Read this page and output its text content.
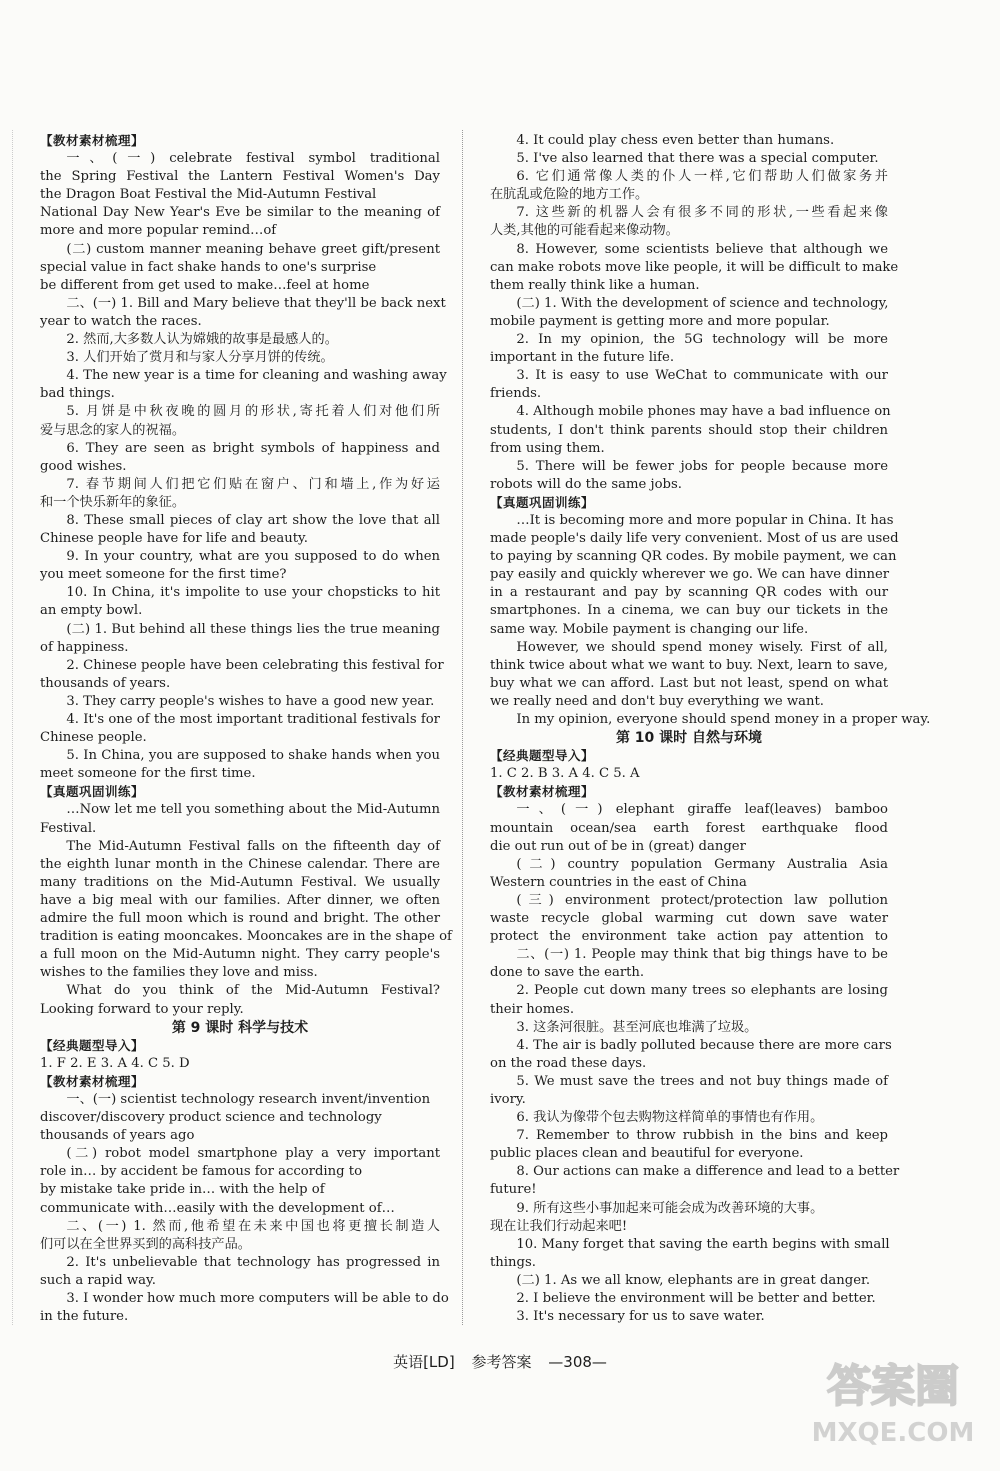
【教材素材梳理】
一、(一) celebrate festival symbol traditional
the Spring Festival the Lantern Festival Women's Day
the Dragon Boat Festival the Mid-Autumn Festival
National Day New Year's Eve be similar to the meaning of
more and more popular remind…of
(二) custom manner meaning behave greet gift/present
special value in fact shake hands to one's surprise
be different from get used to make…feel at home
二、(一) 1. Bill and Mary believe that they'll be back next
year to watch the races.
2. 然而,大多数人认为嫦娥的故事是最感人的。
3. 人们开始了赏月和与家人分享月饼的传统。
4. The new year is a time for cleaning and washing away
bad things.
5. 月饼是中秋夜晚的圆月的形状,寄托着人们对他们所
爱与思念的家人的祝福。
6. They are seen as bright symbols of happiness and
good wishes.
7. 春节期间人们把它们贴在窗户、门和墙上,作为好运
和一个快乐新年的象征。
8. These small pieces of clay art show the love that all
Chinese people have for life and beauty.
9. In your country, what are you supposed to do when
you meet someone for the first time?
10. In China, it's impolite to use your chopsticks to hit
an empty bowl.
(二) 1. But behind all these things lies the true meaning
of happiness.
2. Chinese people have been celebrating this festival for
thousands of years.
3. They carry people's wishes to have a good new year.
4. It's one of the most important traditional festivals for
Chinese people.
5. In China, you are supposed to shake hands when you
meet someone for the first time.
【真题巩固训练】
…Now let me tell you something about the Mid-Autumn
Festival.
The Mid-Autumn Festival falls on the fifteenth day of
the eighth lunar month in the Chinese calendar. There are
many traditions on the Mid-Autumn Festival. We usually
have a big meal with our families. After dinner, we often
admire the full moon which is round and bright. The other
tradition is eating mooncakes. Mooncakes are in the shape of
a full moon on the Mid-Autumn night. They carry people's
wishes to the families they love and miss.
What do you think of the Mid-Autumn Festival?
Looking forward to your reply.
第 9 课时 科学与技术
【经典题型导入】
1. F 2. E 3. A 4. C 5. D
【教材素材梳理】
一、(一) scientist technology research invent/invention
discover/discovery product science and technology
thousands of years ago
(二) robot model smartphone play a very important
role in… by accident be famous for according to
by mistake take pride in… with the help of
communicate with…easily with the development of…
二、(一) 1. 然而,他希望在未来中国也将更擅长制造人
们可以在全世界买到的高科技产品。
2. It's unbelievable that technology has progressed in
such a rapid way.
3. I wonder how much more computers will be able to do
in the future.
4. It could play chess even better than humans.
5. I've also learned that there was a special computer.
6. 它们通常像人类的仆人一样,它们帮助人们做家务并
在肮乱或危险的地方工作。
7. 这些新的机器人会有很多不同的形状,一些看起来像
人类,其他的可能看起来像动物。
8. However, some scientists believe that although we
can make robots move like people, it will be difficult to make
them really think like a human.
(二) 1. With the development of science and technology,
mobile payment is getting more and more popular.
2. In my opinion, the 5G technology will be more
important in the future life.
3. It is easy to use WeChat to communicate with our
friends.
4. Although mobile phones may have a bad influence on
students, I don't think parents should stop their children
from using them.
5. There will be fewer jobs for people because more
robots will do the same jobs.
【真题巩固训练】
…It is becoming more and more popular in China. It has
made people's daily life very convenient. Most of us are used
to paying by scanning QR codes. By mobile payment, we can
pay easily and quickly wherever we go. We can have dinner
in a restaurant and pay by scanning QR codes with our
smartphones. In a cinema, we can buy our tickets in the
same way. Mobile payment is changing our life.
However, we should spend money wisely. First of all,
think twice about what we want to buy. Next, learn to save,
buy what we can afford. Last but not least, spend on what
we really need and don't buy everything we want.
In my opinion, everyone should spend money in a proper way.
第 10 课时 自然与环境
【经典题型导入】
1. C 2. B 3. A 4. C 5. A
【教材素材梳理】
一、(一) elephant giraffe leaf(leaves) bamboo
mountain ocean/sea earth forest earthquake flood
die out run out of be in (great) danger
(二) country population Germany Australia Asia
Western countries in the east of China
(三) environment protect/protection law pollution
waste recycle global warming cut down save water
protect the environment take action pay attention to
二、(一) 1. People may think that big things have to be
done to save the earth.
2. People cut down many trees so elephants are losing
their homes.
3. 这条河很脏。甚至河底也堆满了垃圾。
4. The air is badly polluted because there are more cars
on the road these days.
5. We must save the trees and not buy things made of
ivory.
6. 我认为像带个包去购物这样简单的事情也有作用。
7. Remember to throw rubbish in the bins and keep
public places clean and beautiful for everyone.
8. Our actions can make a difference and lead to a better
future!
9. 所有这些小事加起来可能会成为改善环境的大事。
现在让我们行动起来吧!
10. Many forget that saving the earth begins with small
things.
(二) 1. As we all know, elephants are in great danger.
2. I believe the environment will be better and better.
3. It's necessary for us to save water.
英语[LD] 参考答案 —308—	答案圈
MXQE.COM
